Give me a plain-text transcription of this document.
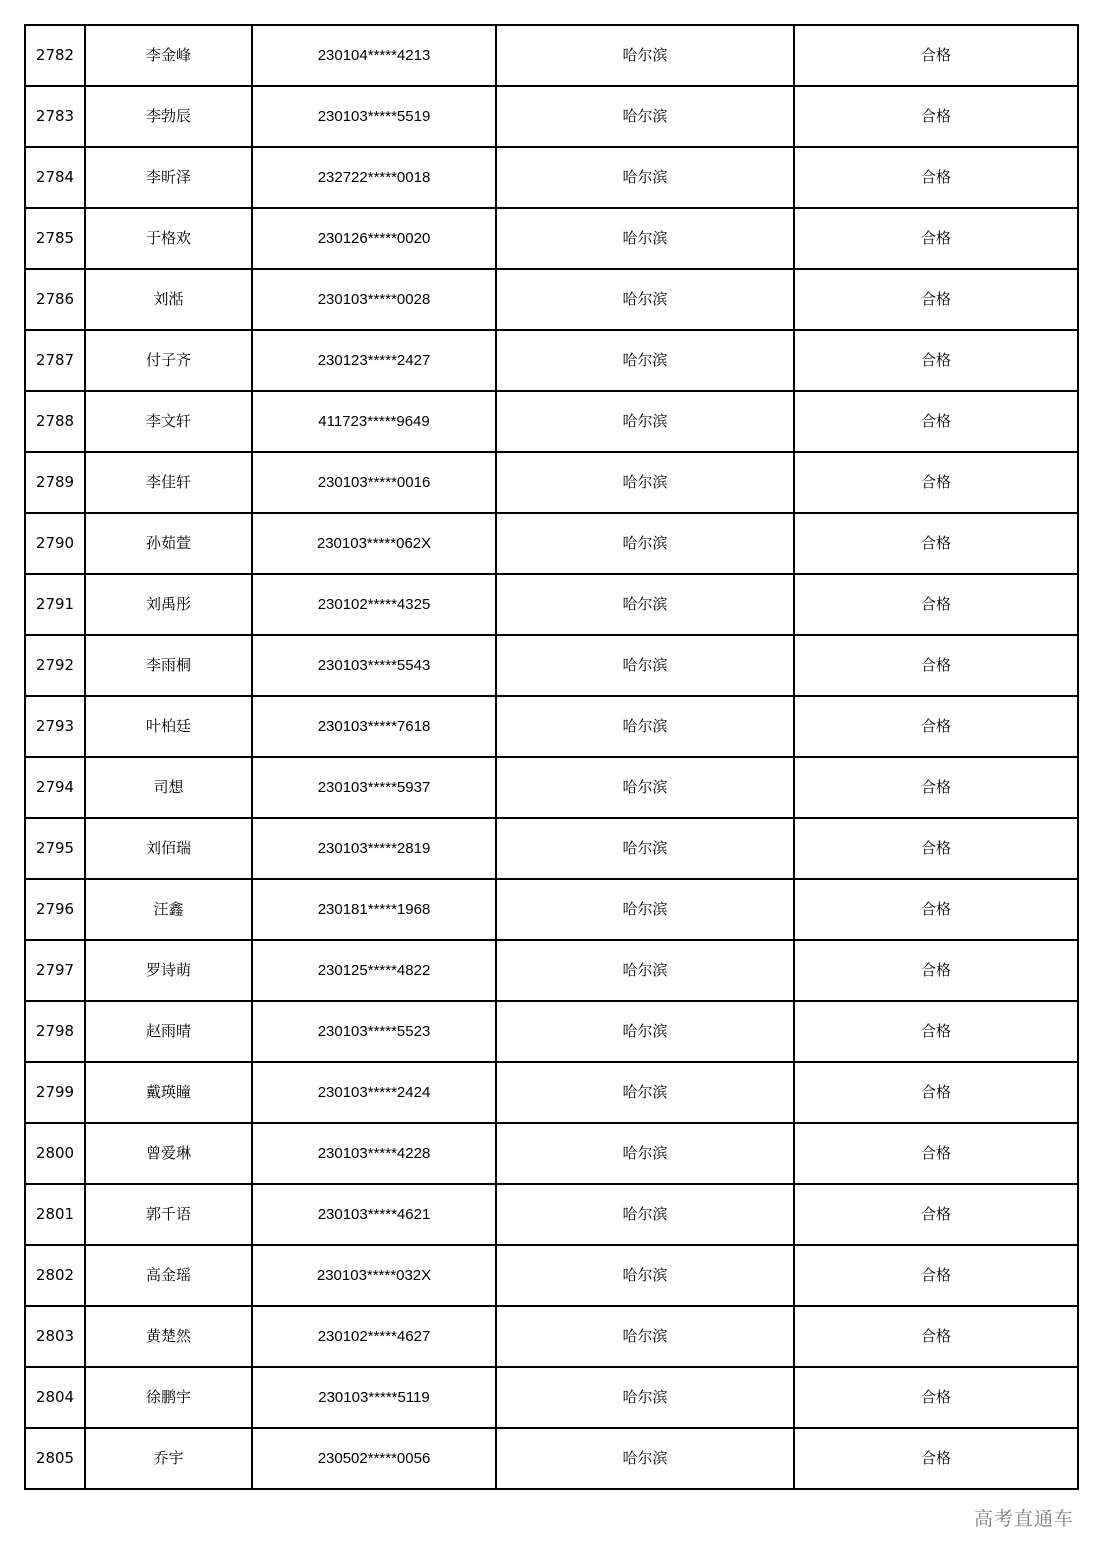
2782	李金峰	230104*****4213	哈尔滨	合格
2783	李勃辰	230103*****5519	哈尔滨	合格
2784	李昕泽	232722*****0018	哈尔滨	合格
2785	于格欢	230126*****0020	哈尔滨	合格
2786	刘湉	230103*****0028	哈尔滨	合格
2787	付子齐	230123*****2427	哈尔滨	合格
2788	李文轩	411723*****9649	哈尔滨	合格
2789	李佳轩	230103*****0016	哈尔滨	合格
2790	孙茹萱	230103*****062X	哈尔滨	合格
2791	刘禹彤	230102*****4325	哈尔滨	合格
2792	李雨桐	230103*****5543	哈尔滨	合格
2793	叶柏廷	230103*****7618	哈尔滨	合格
2794	司想	230103*****5937	哈尔滨	合格
2795	刘佰瑞	230103*****2819	哈尔滨	合格
2796	汪鑫	230181*****1968	哈尔滨	合格
2797	罗诗萌	230125*****4822	哈尔滨	合格
2798	赵雨晴	230103*****5523	哈尔滨	合格
2799	戴瑛瞳	230103*****2424	哈尔滨	合格
2800	曾爱琳	230103*****4228	哈尔滨	合格
2801	郭千语	230103*****4621	哈尔滨	合格
2802	高金瑶	230103*****032X	哈尔滨	合格
2803	黄楚然	230102*****4627	哈尔滨	合格
2804	徐鹏宇	230103*****5119	哈尔滨	合格
2805	乔宇	230502*****0056	哈尔滨	合格
高考直通车
